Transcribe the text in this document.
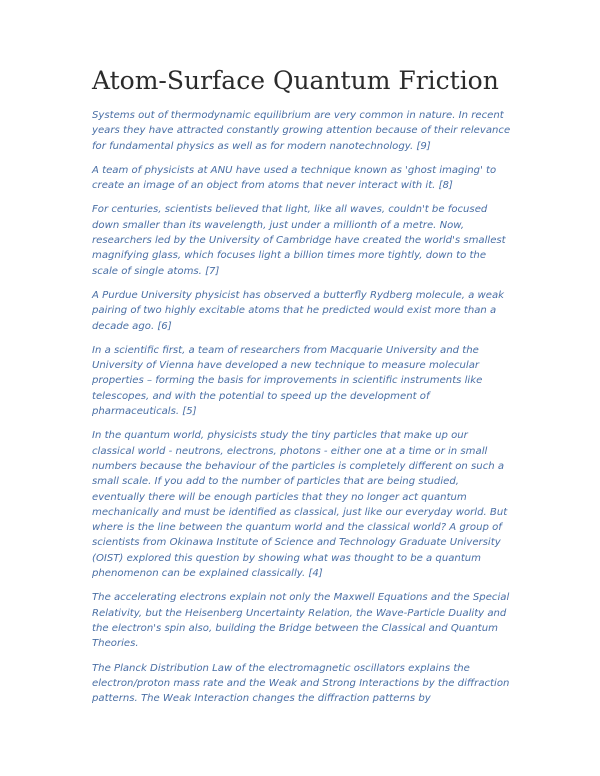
Atom-Surface Quantum Friction

Systems out of thermodynamic equilibrium are very common in nature. In recent years they have attracted constantly growing attention because of their relevance for fundamental physics as well as for modern nanotechnology. [9]

A team of physicists at ANU have used a technique known as 'ghost imaging' to create an image of an object from atoms that never interact with it. [8]

For centuries, scientists believed that light, like all waves, couldn't be focused down smaller than its wavelength, just under a millionth of a metre. Now, researchers led by the University of Cambridge have created the world's smallest magnifying glass, which focuses light a billion times more tightly, down to the scale of single atoms. [7]

A Purdue University physicist has observed a butterfly Rydberg molecule, a weak pairing of two highly excitable atoms that he predicted would exist more than a decade ago. [6]

In a scientific first, a team of researchers from Macquarie University and the University of Vienna have developed a new technique to measure molecular properties – forming the basis for improvements in scientific instruments like telescopes, and with the potential to speed up the development of pharmaceuticals. [5]

In the quantum world, physicists study the tiny particles that make up our classical world - neutrons, electrons, photons - either one at a time or in small numbers because the behaviour of the particles is completely different on such a small scale. If you add to the number of particles that are being studied, eventually there will be enough particles that they no longer act quantum mechanically and must be identified as classical, just like our everyday world. But where is the line between the quantum world and the classical world? A group of scientists from Okinawa Institute of Science and Technology Graduate University (OIST) explored this question by showing what was thought to be a quantum phenomenon can be explained classically. [4]

The accelerating electrons explain not only the Maxwell Equations and the Special Relativity, but the Heisenberg Uncertainty Relation, the Wave-Particle Duality and the electron's spin also, building the Bridge between the Classical and Quantum Theories.

The Planck Distribution Law of the electromagnetic oscillators explains the electron/proton mass rate and the Weak and Strong Interactions by the diffraction patterns. The Weak Interaction changes the diffraction patterns by
